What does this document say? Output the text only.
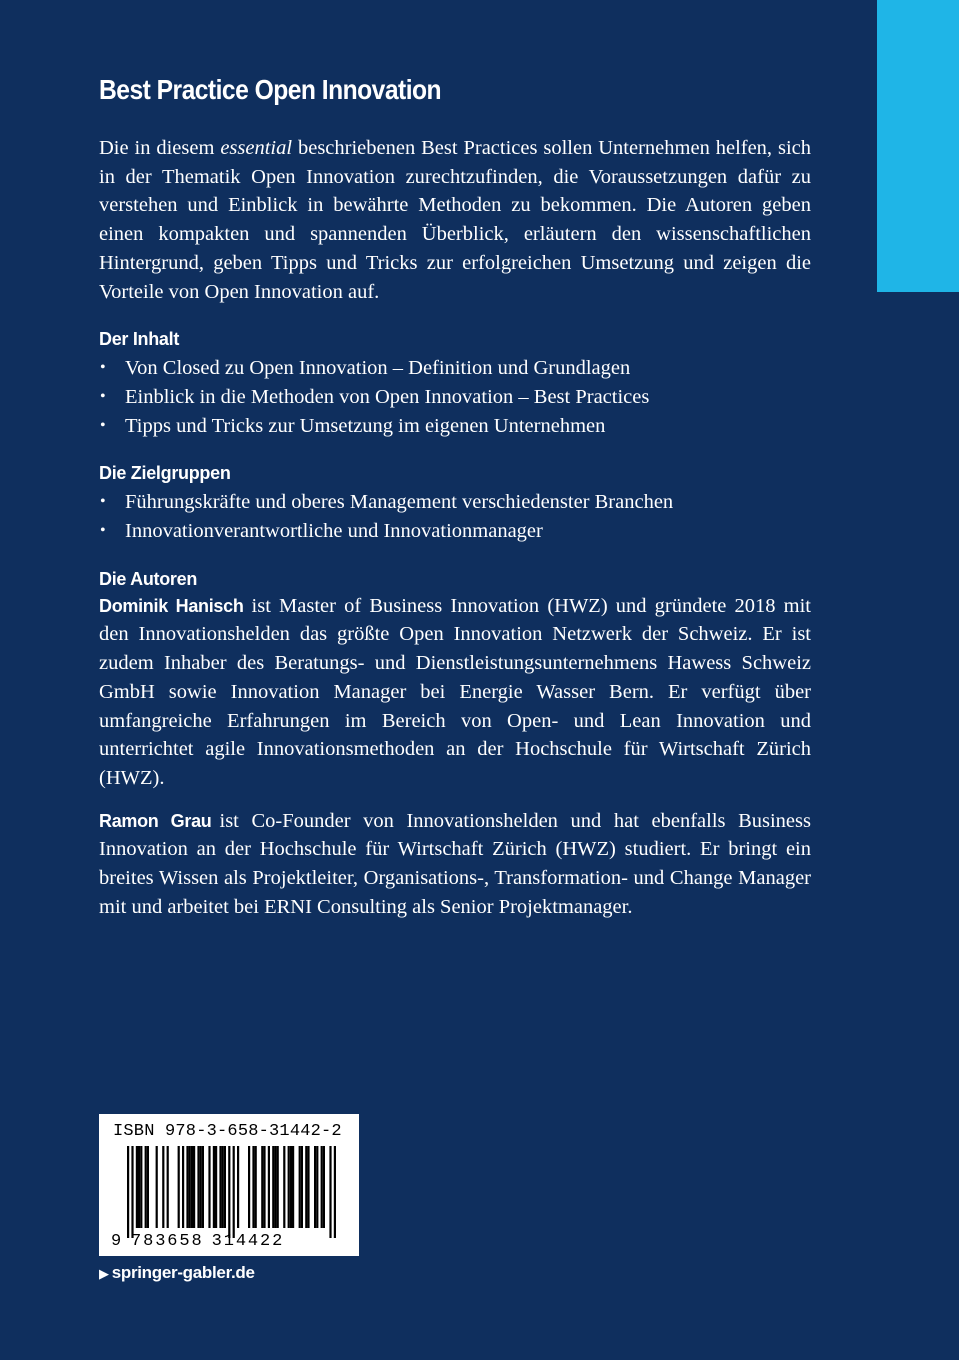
Best Practice Open Innovation

Die in diesem essential beschriebenen Best Practices sollen Unternehmen helfen, sich in der Thematik Open Innovation zurechtzufinden, die Voraussetzungen dafür zu verstehen und Einblick in bewährte Methoden zu bekommen. Die Autoren geben einen kompakten und spannenden Überblick, erläutern den wissenschaftlichen Hintergrund, geben Tipps und Tricks zur erfolgreichen Umsetzung und zeigen die Vorteile von Open Innovation auf.

Der Inhalt
• Von Closed zu Open Innovation – Definition und Grundlagen
• Einblick in die Methoden von Open Innovation – Best Practices
• Tipps und Tricks zur Umsetzung im eigenen Unternehmen
Die Zielgruppen
• Führungskräfte und oberes Management verschiedenster Branchen
• Innovationverantwortliche und Innovationmanager
Die Autoren

Dominik Hanisch ist Master of Business Innovation (HWZ) und gründete 2018 mit den Innovationshelden das größte Open Innovation Netzwerk der Schweiz. Er ist zudem Inhaber des Beratungs- und Dienstleistungsunternehmens Hawess Schweiz GmbH sowie Innovation Manager bei Energie Wasser Bern. Er verfügt über umfangreiche Erfahrungen im Bereich von Open- und Lean Innovation und unterrichtet agile Innovationsmethoden an der Hochschule für Wirtschaft Zürich (HWZ).

Ramon Grau ist Co-Founder von Innovationshelden und hat ebenfalls Business Innovation an der Hochschule für Wirtschaft Zürich (HWZ) studiert. Er bringt ein breites Wissen als Projektleiter, Organisations-, Transformation- und Change Manager mit und arbeitet bei ERNI Consulting als Senior Projektmanager.

ISBN 978-3-658-31442-2
9 783658 314422
▶ springer-gabler.de
